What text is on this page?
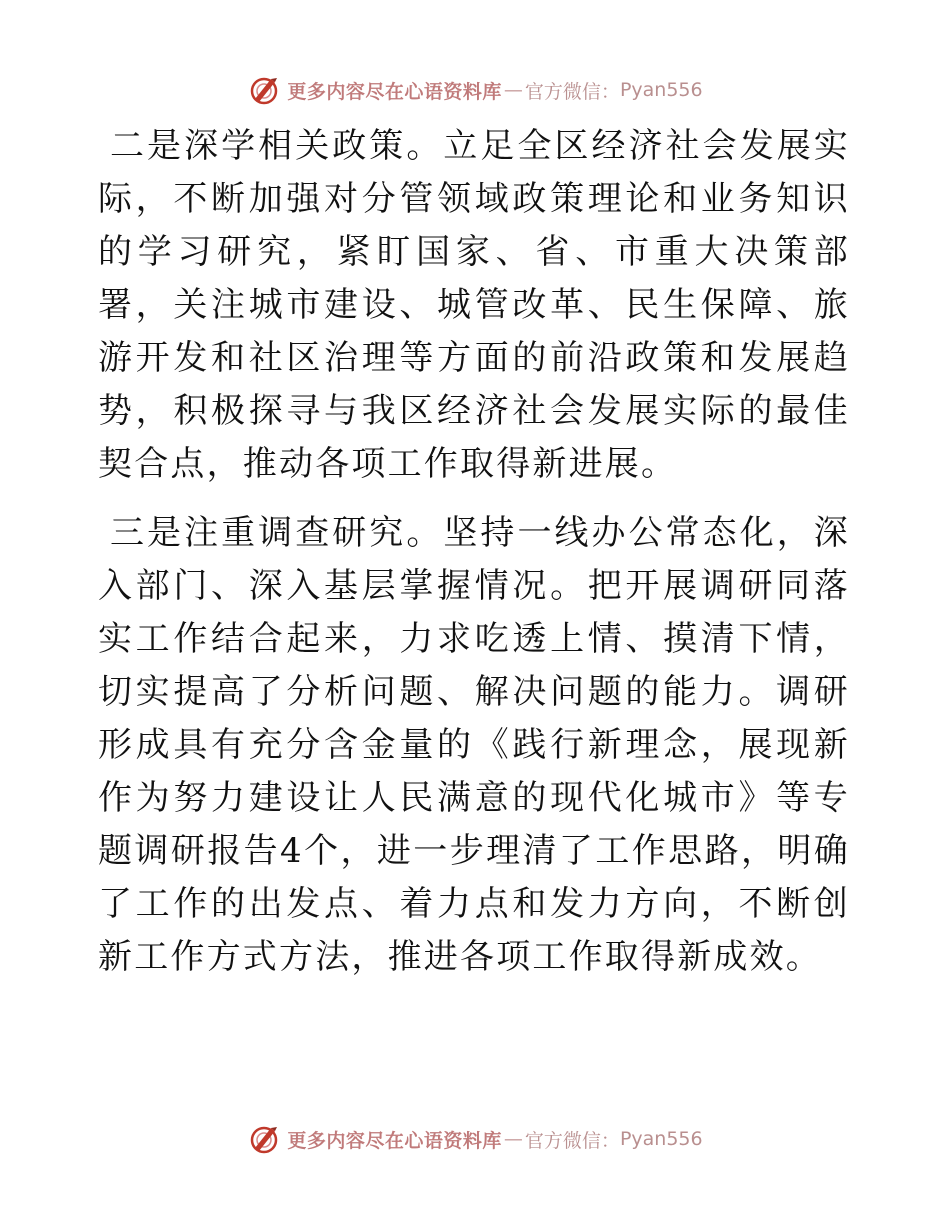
更多内容尽在心语资料库 — 官方微信： Pyan556

二是深学相关政策。立足全区经济社会发展实际，不断加强对分管领域政策理论和业务知识的学习研究，紧盯国家、省、市重大决策部署，关注城市建设、城管改革、民生保障、旅游开发和社区治理等方面的前沿政策和发展趋势，积极探寻与我区经济社会发展实际的最佳契合点，推动各项工作取得新进展。

三是注重调查研究。坚持一线办公常态化，深入部门、深入基层掌握情况。把开展调研同落实工作结合起来，力求吃透上情、摸清下情，切实提高了分析问题、解决问题的能力。调研形成具有充分含金量的《践行新理念，展现新作为努力建设让人民满意的现代化城市》等专题调研报告4个，进一步理清了工作思路，明确了工作的出发点、着力点和发力方向，不断创新工作方式方法，推进各项工作取得新成效。

更多内容尽在心语资料库 — 官方微信： Pyan556
